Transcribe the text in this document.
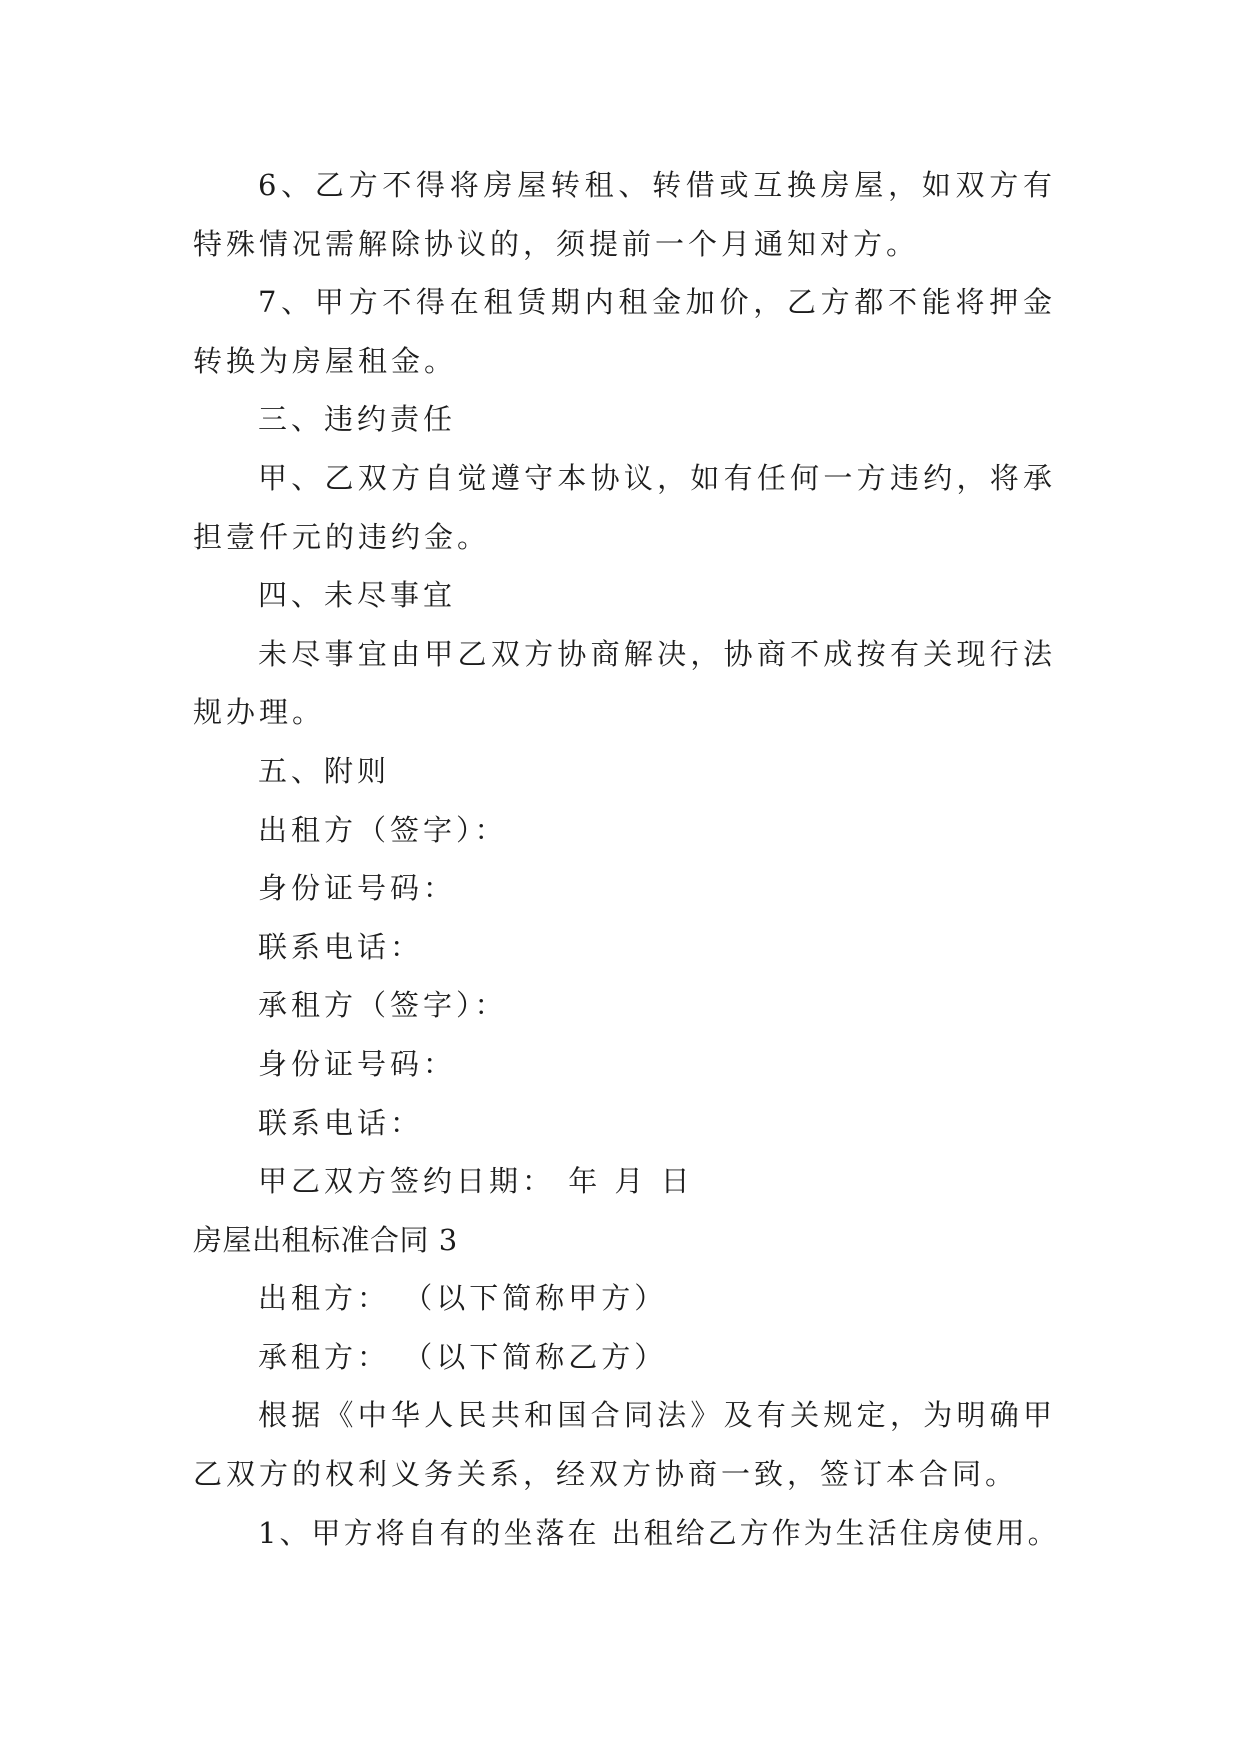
6、乙方不得将房屋转租、转借或互换房屋，如双方有
特殊情况需解除协议的，须提前一个月通知对方。
7、甲方不得在租赁期内租金加价，乙方都不能将押金
转换为房屋租金。
三、违约责任
甲、乙双方自觉遵守本协议，如有任何一方违约，将承
担壹仟元的违约金。
四、未尽事宜
未尽事宜由甲乙双方协商解决，协商不成按有关现行法
规办理。
五、附则
出租方（签字）：
身份证号码：
联系电话：
承租方（签字）：
身份证号码：
联系电话：
甲乙双方签约日期： 年 月 日
房屋出租标准合同 3
出租方： （以下简称甲方）
承租方： （以下简称乙方）
根据《中华人民共和国合同法》及有关规定，为明确甲
乙双方的权利义务关系，经双方协商一致，签订本合同。
1、甲方将自有的坐落在 出租给乙方作为生活住房使用。
